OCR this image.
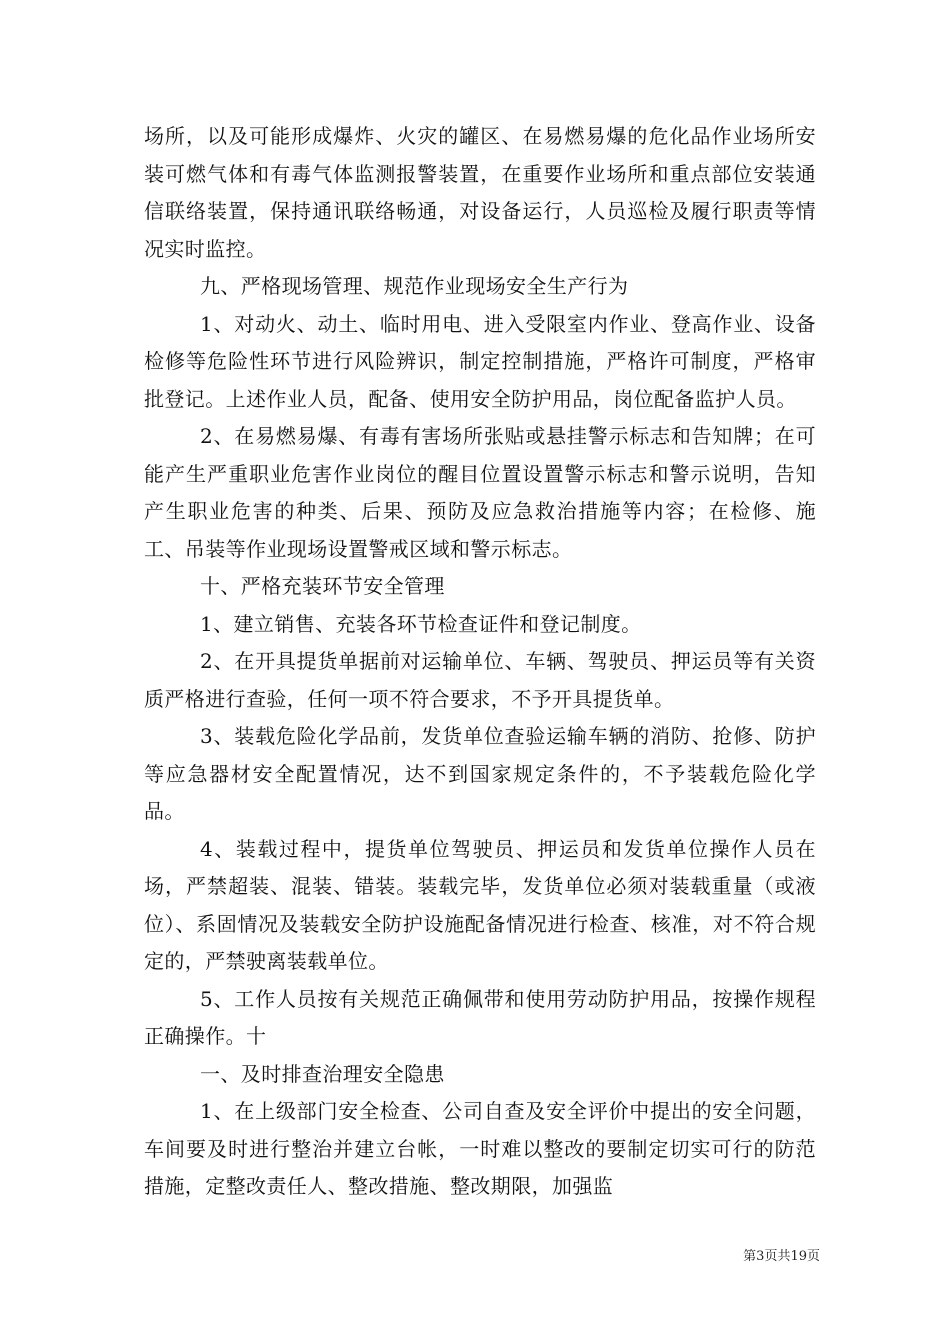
场所，以及可能形成爆炸、火灾的罐区、在易燃易爆的危化品作业场所安装可燃气体和有毒气体监测报警装置，在重要作业场所和重点部位安装通信联络装置，保持通讯联络畅通，对设备运行，人员巡检及履行职责等情况实时监控。

九、严格现场管理、规范作业现场安全生产行为

1、对动火、动土、临时用电、进入受限室内作业、登高作业、设备检修等危险性环节进行风险辨识，制定控制措施，严格许可制度，严格审批登记。上述作业人员，配备、使用安全防护用品，岗位配备监护人员。

2、在易燃易爆、有毒有害场所张贴或悬挂警示标志和告知牌；在可能产生严重职业危害作业岗位的醒目位置设置警示标志和警示说明，告知产生职业危害的种类、后果、预防及应急救治措施等内容；在检修、施工、吊装等作业现场设置警戒区域和警示标志。

十、严格充装环节安全管理

1、建立销售、充装各环节检查证件和登记制度。

2、在开具提货单据前对运输单位、车辆、驾驶员、押运员等有关资质严格进行查验，任何一项不符合要求，不予开具提货单。

3、装载危险化学品前，发货单位查验运输车辆的消防、抢修、防护等应急器材安全配置情况，达不到国家规定条件的，不予装载危险化学品。

4、装载过程中，提货单位驾驶员、押运员和发货单位操作人员在场，严禁超装、混装、错装。装载完毕，发货单位必须对装载重量（或液位）、系固情况及装载安全防护设施配备情况进行检查、核准，对不符合规定的，严禁驶离装载单位。

5、工作人员按有关规范正确佩带和使用劳动防护用品，按操作规程正确操作。十

一、及时排查治理安全隐患

1、在上级部门安全检查、公司自查及安全评价中提出的安全问题，车间要及时进行整治并建立台帐，一时难以整改的要制定切实可行的防范措施，定整改责任人、整改措施、整改期限，加强监

第3页共19页
